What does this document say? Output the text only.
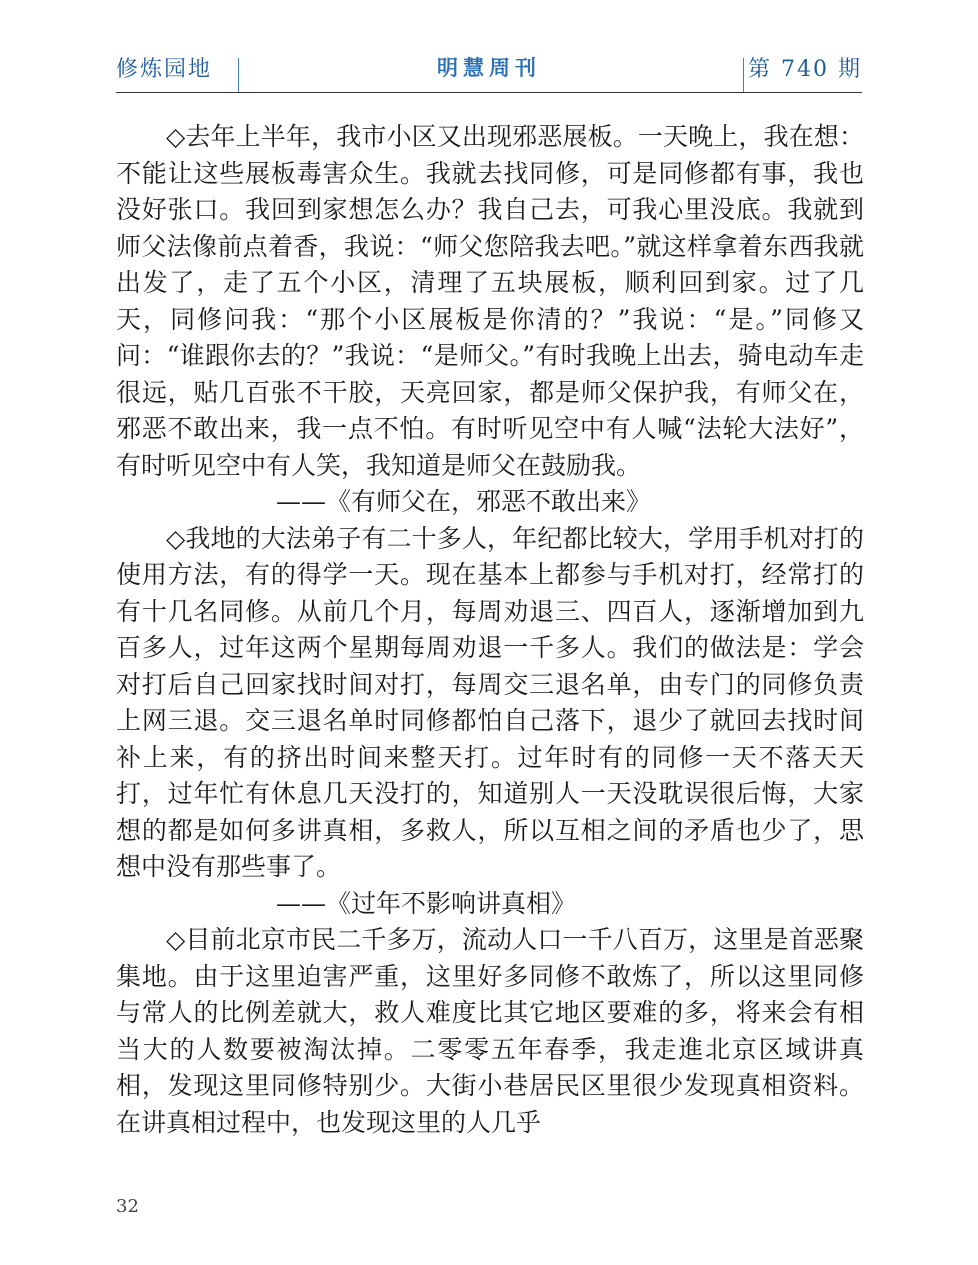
修炼园地	明慧周刊	第 740 期

◇去年上半年，我市小区又出现邪恶展板。一天晚上，我在想：不能让这些展板毒害众生。我就去找同修，可是同修都有事，我也没好张口。我回到家想怎么办？我自己去，可我心里没底。我就到师父法像前点着香，我说：“师父您陪我去吧。”就这样拿着东西我就出发了，走了五个小区，清理了五块展板，顺利回到家。过了几天，同修问我：“那个小区展板是你清的？”我说：“是。”同修又问：“谁跟你去的？”我说：“是师父。”有时我晚上出去，骑电动车走很远，贴几百张不干胶，天亮回家，都是师父保护我，有师父在，邪恶不敢出来，我一点不怕。有时听见空中有人喊“法轮大法好”，有时听见空中有人笑，我知道是师父在鼓励我。

——《有师父在，邪恶不敢出来》

◇我地的大法弟子有二十多人，年纪都比较大，学用手机对打的使用方法，有的得学一天。现在基本上都参与手机对打，经常打的有十几名同修。从前几个月，每周劝退三、四百人，逐渐增加到九百多人，过年这两个星期每周劝退一千多人。我们的做法是：学会对打后自己回家找时间对打，每周交三退名单，由专门的同修负责上网三退。交三退名单时同修都怕自己落下，退少了就回去找时间补上来，有的挤出时间来整天打。过年时有的同修一天不落天天打，过年忙有休息几天没打的，知道别人一天没耽误很后悔，大家想的都是如何多讲真相，多救人，所以互相之间的矛盾也少了，思想中没有那些事了。

——《过年不影响讲真相》

◇目前北京市民二千多万，流动人口一千八百万，这里是首恶聚集地。由于这里迫害严重，这里好多同修不敢炼了，所以这里同修与常人的比例差就大，救人难度比其它地区要难的多，将来会有相当大的人数要被淘汰掉。二零零五年春季，我走進北京区域讲真相，发现这里同修特别少。大街小巷居民区里很少发现真相资料。在讲真相过程中，也发现这里的人几乎

32
